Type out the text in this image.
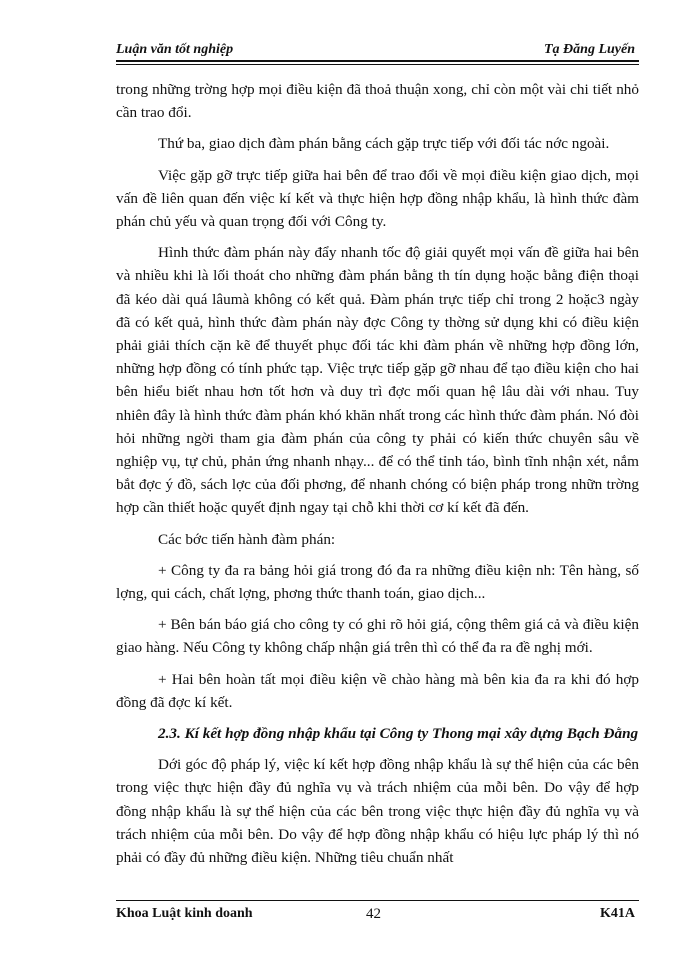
Luận văn tốt nghiệp	Tạ Đăng Luyến

trong những trờng hợp mọi điều kiện đã thoả thuận xong, chỉ còn một vài chi tiết nhỏ cần trao đổi.

Thứ ba, giao dịch đàm phán bằng cách gặp trực tiếp với đối tác nớc ngoài.

Việc gặp gỡ trực tiếp giữa hai bên để trao đổi về mọi điều kiện giao dịch, mọi vấn đề liên quan đến việc kí kết và thực hiện hợp đồng nhập khẩu, là hình thức đàm phán chủ yếu và quan trọng đối với Công ty.

Hình thức đàm phán này đẩy nhanh tốc độ giải quyết mọi vấn đề giữa hai bên và nhiều khi là lối thoát cho những đàm phán bằng th tín dụng hoặc bằng điện thoại đã kéo dài quá lâumà không có kết quả. Đàm phán trực tiếp chỉ trong 2 hoặc3 ngày đã có kết quả, hình thức đàm phán này đợc Công ty thờng sử dụng khi có điều kiện phải giải thích cặn kẽ để thuyết phục đối tác khi đàm phán về những hợp đồng lớn, những hợp đồng có tính phức tạp. Việc trực tiếp gặp gỡ nhau để tạo điều kiện cho hai bên hiểu biết nhau hơn tốt hơn và duy trì đợc mối quan hệ lâu dài với nhau. Tuy nhiên đây là hình thức đàm phán khó khăn nhất trong các hình thức đàm phán. Nó đòi hỏi những ngời tham gia đàm phán của công ty phải có kiến thức chuyên sâu về nghiệp vụ, tự chủ, phản ứng nhanh nhạy... để có thể tỉnh táo, bình tĩnh nhận xét, nắm bắt đợc ý đồ, sách lợc của đối phơng, để nhanh chóng có biện pháp trong nhữn trờng hợp cần thiết hoặc quyết định ngay tại chỗ khi thời cơ kí kết đã đến.

Các bớc tiến hành đàm phán:

+ Công ty đa ra bảng hỏi giá trong đó đa ra những điều kiện nh: Tên hàng, số lợng, qui cách, chất lợng, phơng thức thanh toán, giao dịch...

+ Bên bán báo giá cho công ty có ghi rõ hỏi giá, cộng thêm giá cả và điều kiện giao hàng. Nếu Công ty không chấp nhận giá trên thì có thể đa ra đề nghị mới.

+ Hai bên hoàn tất mọi điều kiện về chào hàng mà bên kia đa ra khi đó hợp đồng đã đợc kí kết.

2.3. Kí kết hợp đồng nhập khẩu tại Công ty Thong mại xây dựng Bạch Đằng

Dới góc độ pháp lý, việc kí kết hợp đồng nhập khẩu là sự thể hiện của các bên trong việc thực hiện đầy đủ nghĩa vụ và trách nhiệm của mỗi bên. Do vậy để hợp đồng nhập khẩu là sự thể hiện của các bên trong việc thực hiện đầy đủ nghĩa vụ và trách nhiệm của mỗi bên. Do vậy để hợp đồng nhập khẩu có hiệu lực pháp lý thì nó phải có đầy đủ những điều kiện. Những tiêu chuẩn nhất

Khoa Luật kinh doanh	42	K41A
